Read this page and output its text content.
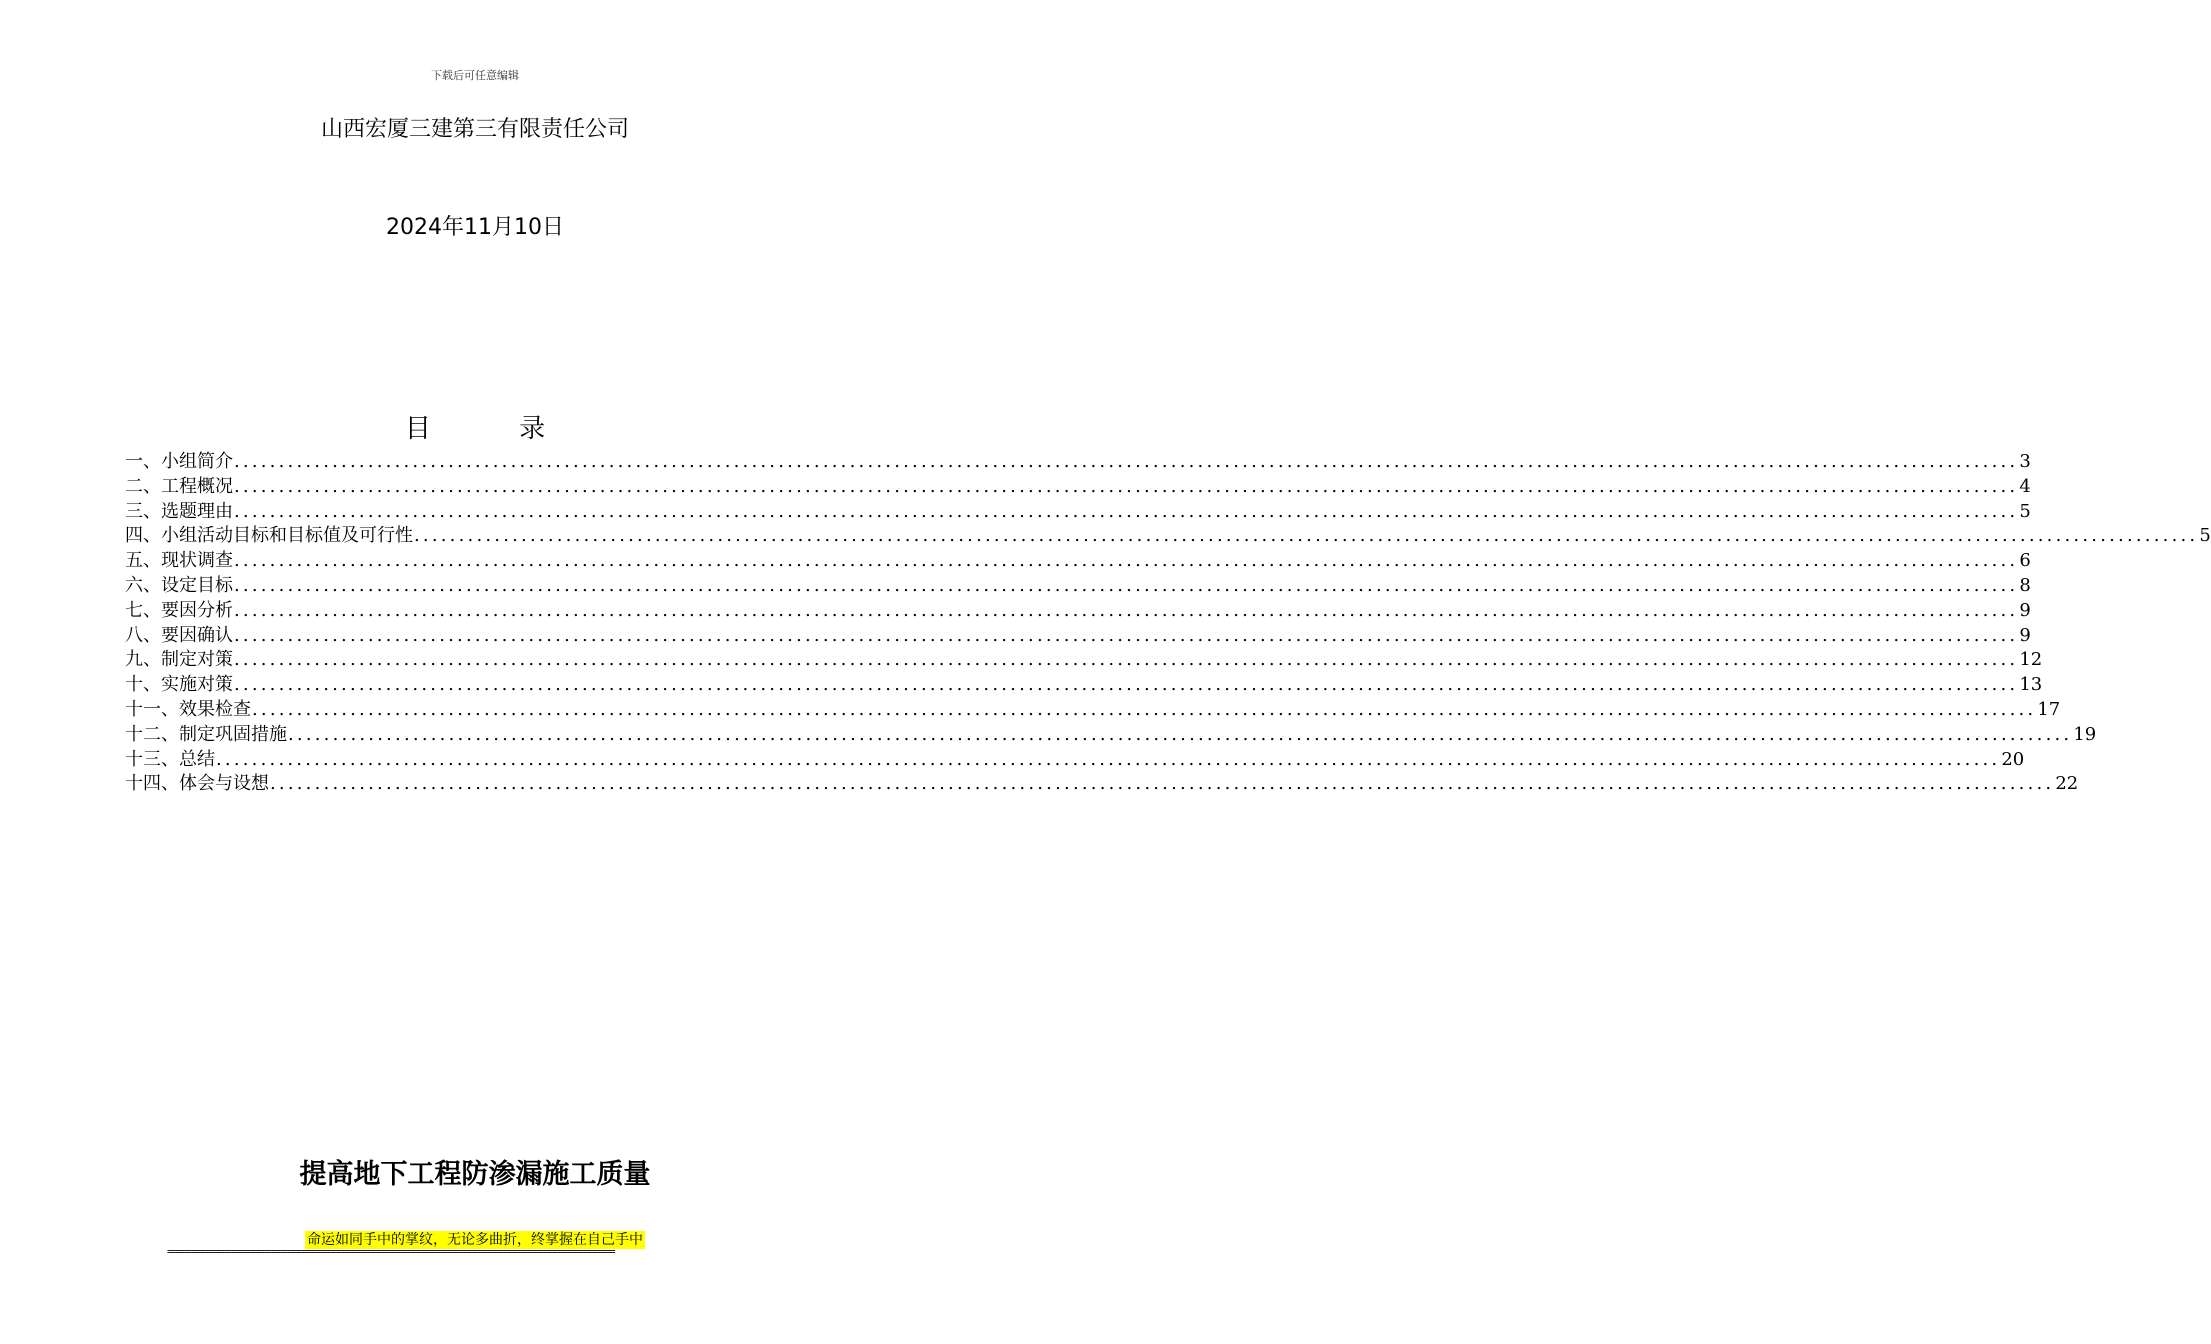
下载后可任意编辑
山西宏厦三建第三有限责任公司
2024年11月10日
目 录
一、小组简介 ........................................................................................................................................................................................................ 3
二、工程概况 ........................................................................................................................................................................................................ 4
三、选题理由 ........................................................................................................................................................................................................ 5
四、小组活动目标和目标值及可行性 ........................................................................................................................................................................................................ 5
五、现状调查 ........................................................................................................................................................................................................ 6
六、设定目标 ........................................................................................................................................................................................................ 8
七、要因分析 ........................................................................................................................................................................................................ 9
八、要因确认 ........................................................................................................................................................................................................ 9
九、制定对策 ........................................................................................................................................................................................................ 12
十、实施对策 ........................................................................................................................................................................................................ 13
十一、效果检查 ........................................................................................................................................................................................................ 17
十二、制定巩固措施 ........................................................................................................................................................................................................ 19
十三、总结 ........................................................................................................................................................................................................ 20
十四、体会与设想 ........................................................................................................................................................................................................ 22
提高地下工程防渗漏施工质量
命运如同手中的掌纹，无论多曲折，终掌握在自己手中
=========================================================================================
